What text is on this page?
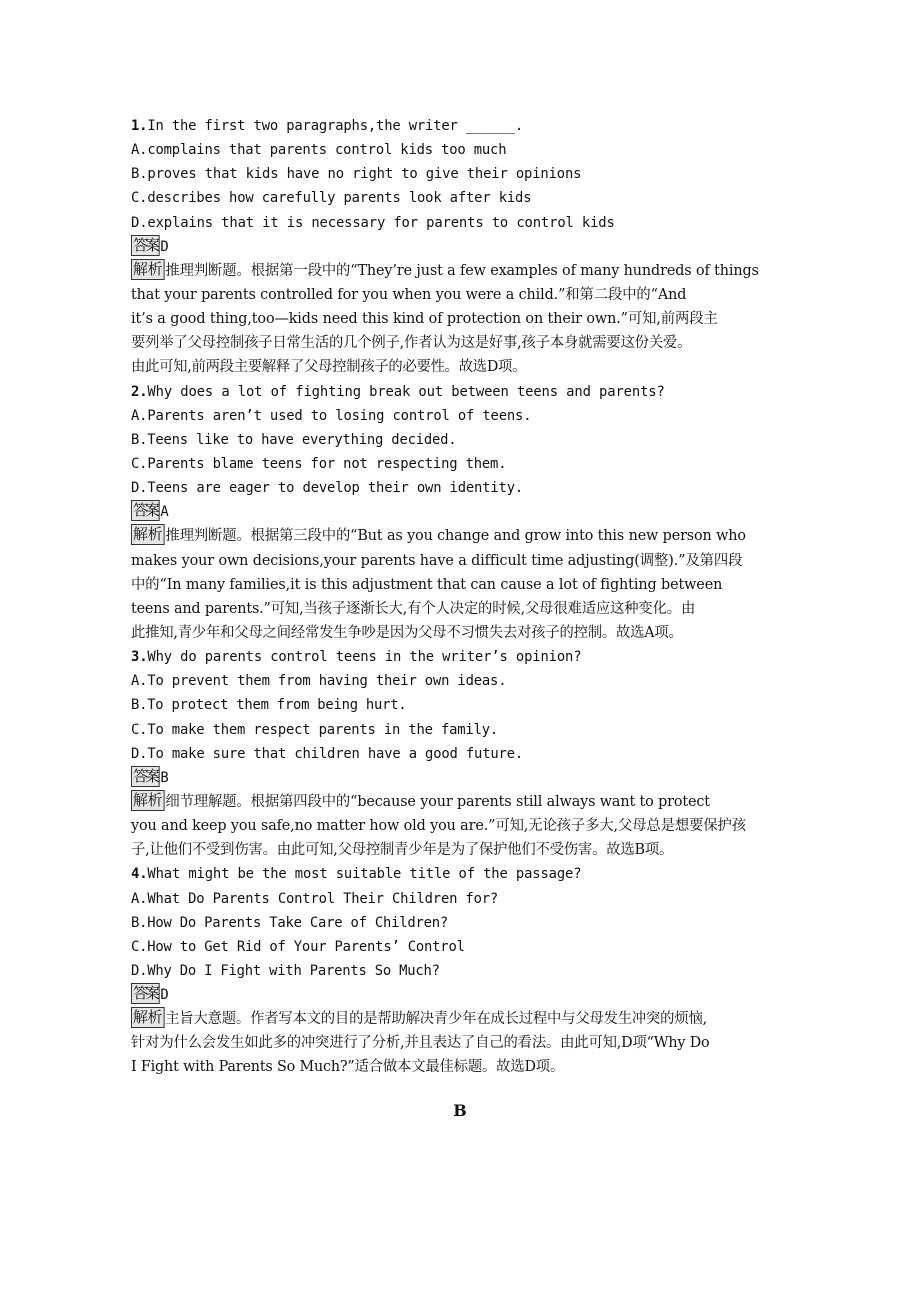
1.In the first two paragraphs,the writer ______.
A.complains that parents control kids too much
B.proves that kids have no right to give their opinions
C.describes how carefully parents look after kids
D.explains that it is necessary for parents to control kids
答案 D
解析 推理判断题。根据第一段中的“They’re just a few examples of many hundreds of things
that your parents controlled for you when you were a child.”和第二段中的“And
it’s a good thing,too—kids need this kind of protection on their own.”可知,前两段主
要列举了父母控制孩子日常生活的几个例子,作者认为这是好事,孩子本身就需要这份关爱。
由此可知,前两段主要解释了父母控制孩子的必要性。故选D项。
2.Why does a lot of fighting break out between teens and parents?
A.Parents aren’t used to losing control of teens.
B.Teens like to have everything decided.
C.Parents blame teens for not respecting them.
D.Teens are eager to develop their own identity.
答案 A
解析 推理判断题。根据第三段中的“But as you change and grow into this new person who
makes your own decisions,your parents have a difficult time adjusting(调整).”及第四段
中的“In many families,it is this adjustment that can cause a lot of fighting between
teens and parents.”可知,当孩子逐渐长大,有个人决定的时候,父母很难适应这种变化。由
此推知,青少年和父母之间经常发生争吵是因为父母不习惯失去对孩子的控制。故选A项。
3.Why do parents control teens in the writer’s opinion?
A.To prevent them from having their own ideas.
B.To protect them from being hurt.
C.To make them respect parents in the family.
D.To make sure that children have a good future.
答案 B
解析 细节理解题。根据第四段中的“because your parents still always want to protect
you and keep you safe,no matter how old you are.”可知,无论孩子多大,父母总是想要保护孩
子,让他们不受到伤害。由此可知,父母控制青少年是为了保护他们不受伤害。故选B项。
4.What might be the most suitable title of the passage?
A.What Do Parents Control Their Children for?
B.How Do Parents Take Care of Children?
C.How to Get Rid of Your Parents’ Control
D.Why Do I Fight with Parents So Much?
答案 D
解析 主旨大意题。作者写本文的目的是帮助解决青少年在成长过程中与父母发生冲突的烦恼,
针对为什么会发生如此多的冲突进行了分析,并且表达了自己的看法。由此可知,D项“Why Do
I Fight with Parents So Much?”适合做本文最佳标题。故选D项。
B
